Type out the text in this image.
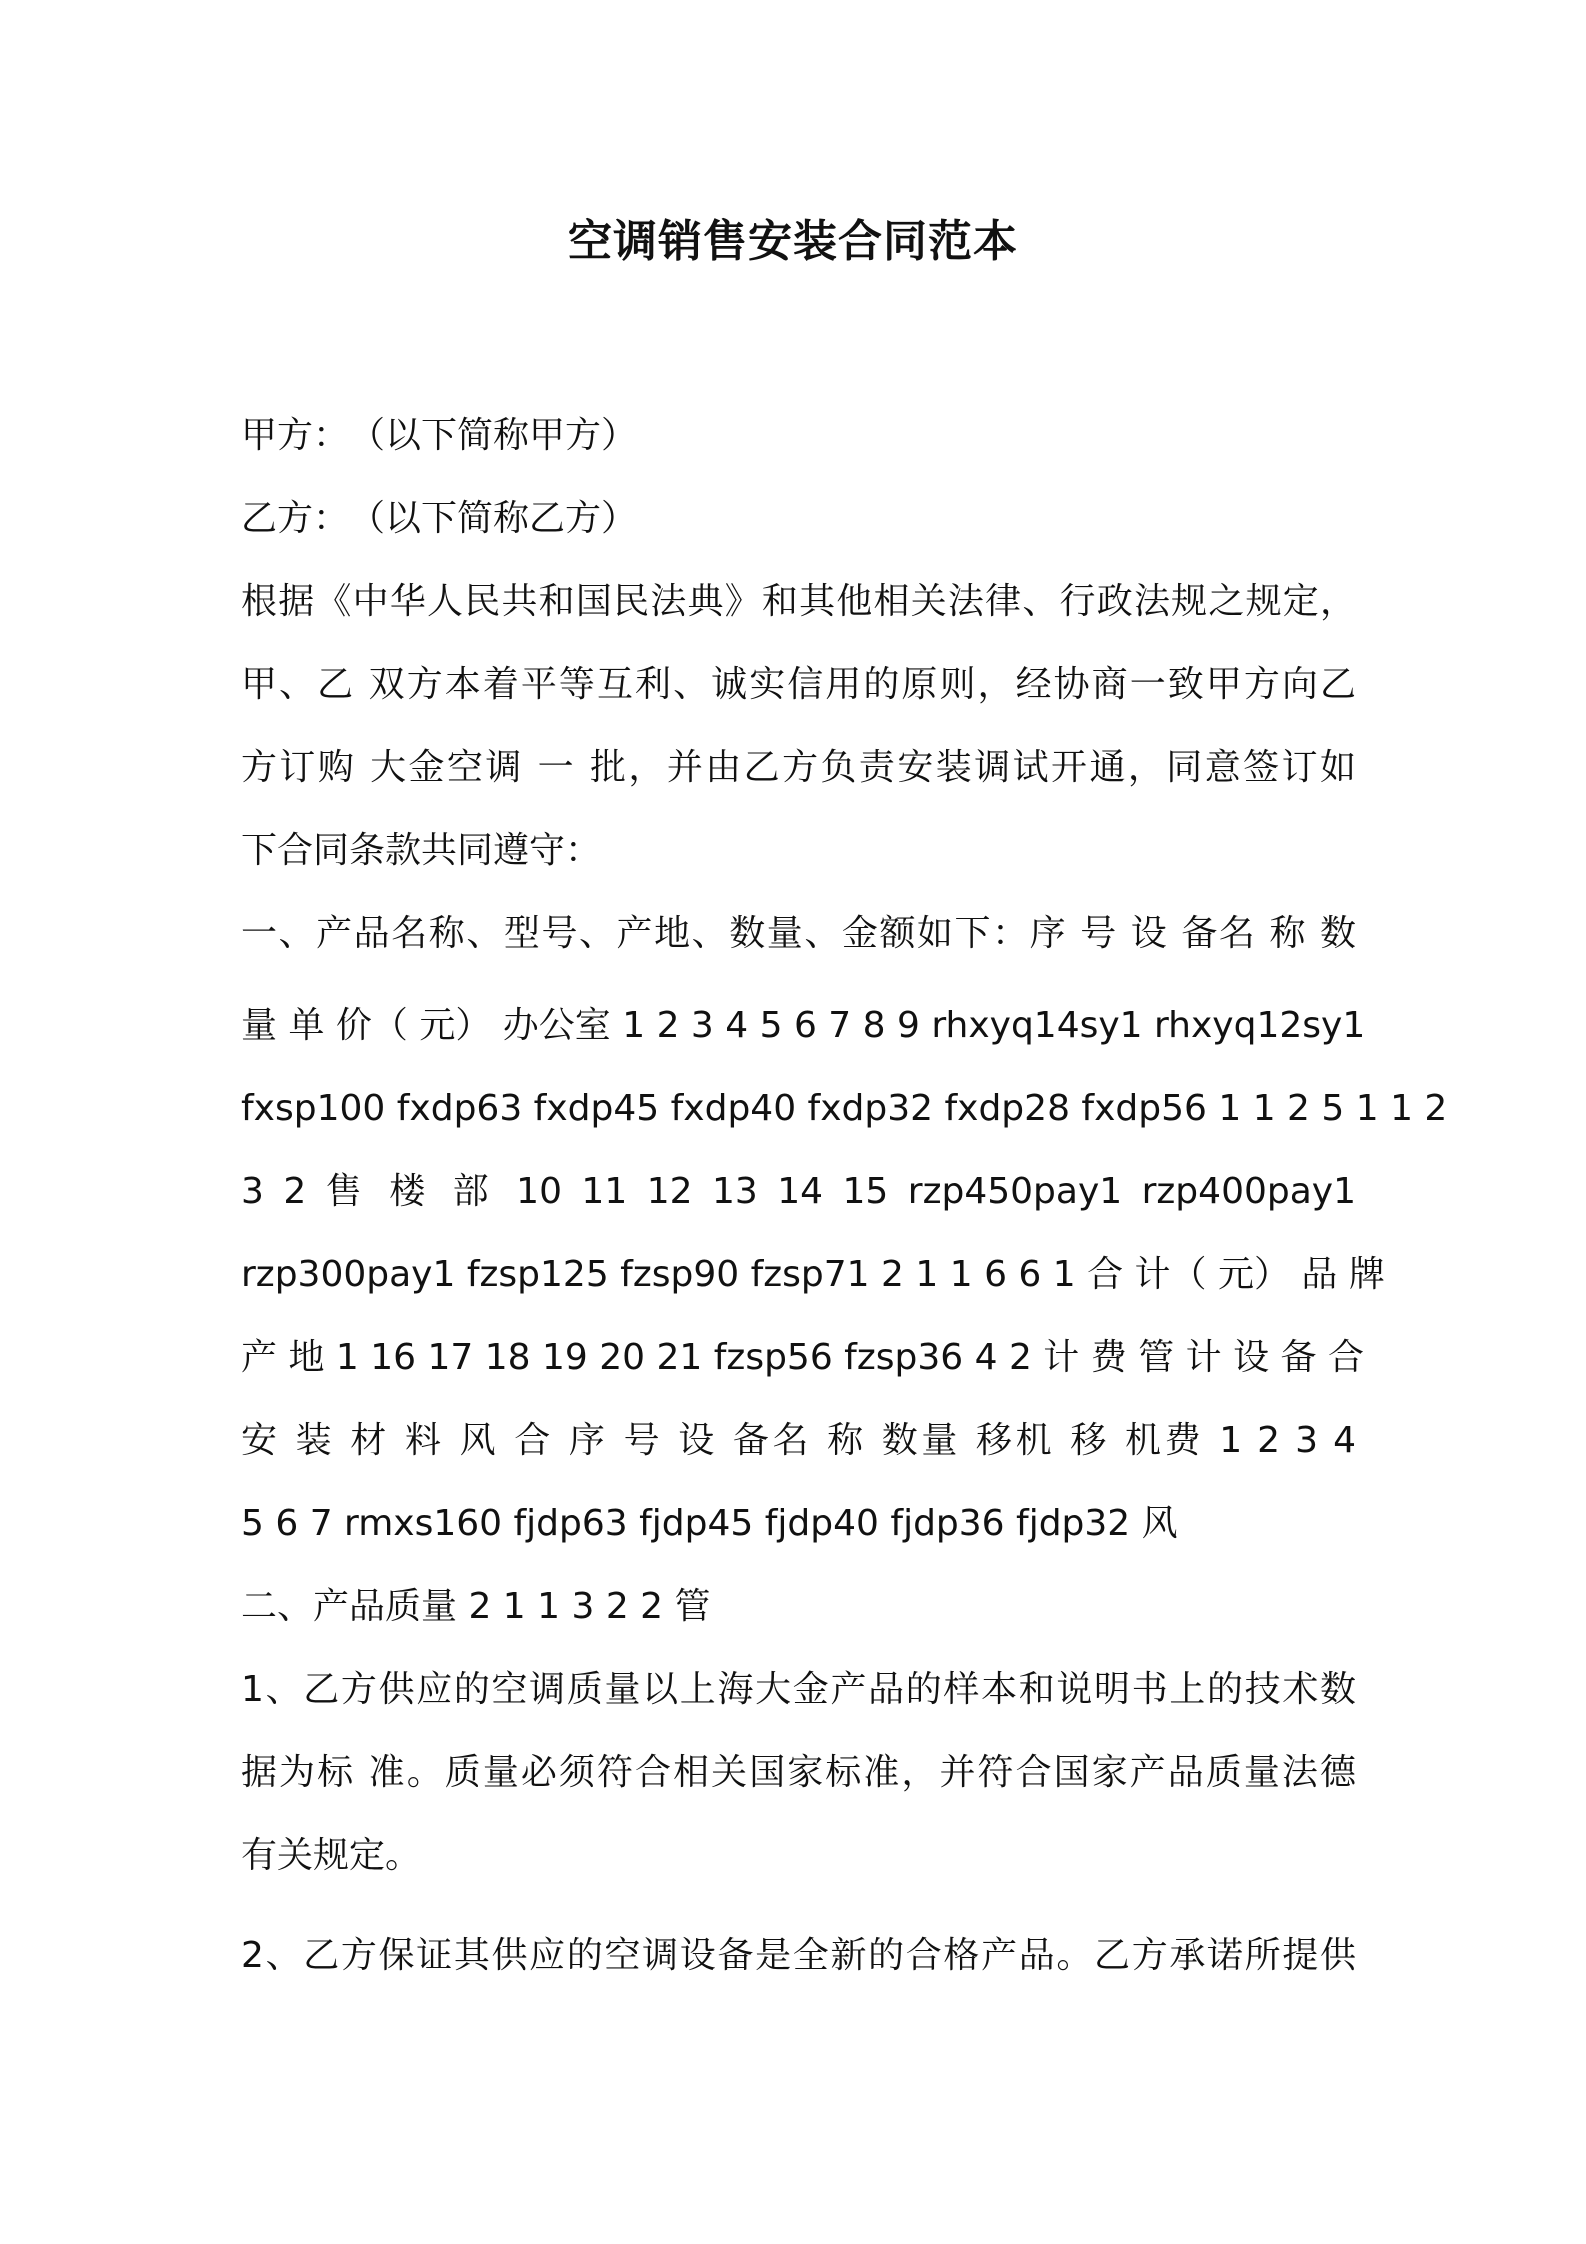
空调销售安装合同范本

甲方：　（以下简称甲方）

乙方：　（以下简称乙方）

根据《中华人民共和国民法典》和其他相关法律、行政法规之规定，

甲、乙 双方本着平等互利、诚实信用的原则，经协商一致甲方向乙

方订购 大金空调 一 批，并由乙方负责安装调试开通，同意签订如

下合同条款共同遵守：

一、产品名称、型号、产地、数量、金额如下：序 号 设 备名 称 数

量 单 价（ 元） 办公室 1 2 3 4 5 6 7 8 9 rhxyq14sy1 rhxyq12sy1

fxsp100 fxdp63 fxdp45 fxdp40 fxdp32 fxdp28 fxdp56 1 1 2 5 1 1 2

3 2 售 楼 部 10 11 12 13 14 15 rzp450pay1 rzp400pay1

rzp300pay1 fzsp125 fzsp90 fzsp71 2 1 1 6 6 1 合 计（ 元） 品 牌

产 地 1 16 17 18 19 20 21 fzsp56 fzsp36 4 2 计 费 管 计 设 备 合

安 装 材 料 风 合 序 号 设 备名 称 数量 移机 移 机费 1 2 3 4

5 6 7 rmxs160 fjdp63 fjdp45 fjdp40 fjdp36 fjdp32 风

二、产品质量 2 1 1 3 2 2 管

1、乙方供应的空调质量以上海大金产品的样本和说明书上的技术数

据为标 准。质量必须符合相关国家标准，并符合国家产品质量法德

有关规定。

2、乙方保证其供应的空调设备是全新的合格产品。乙方承诺所提供
